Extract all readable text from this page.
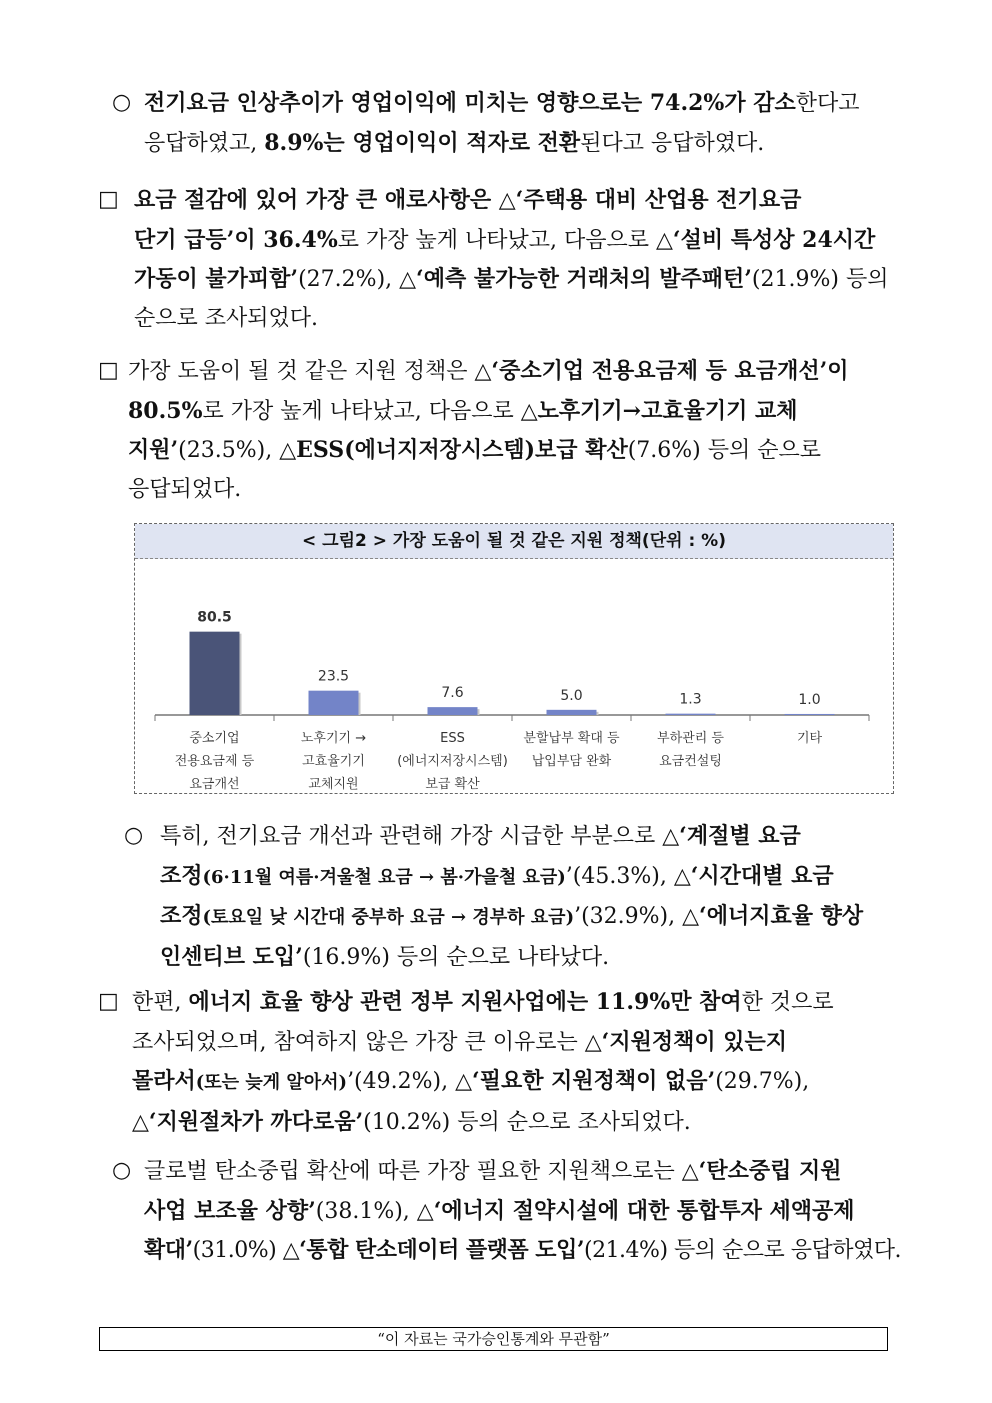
○ 전기요금 인상추이가 영업이익에 미치는 영향으로는 74.2%가 감소한다고
응답하였고, 8.9%는 영업이익이 적자로 전환된다고 응답하였다.
□ 요금 절감에 있어 가장 큰 애로사항은 △‘주택용 대비 산업용 전기요금
단기 급등’이 36.4%로 가장 높게 나타났고, 다음으로 △‘설비 특성상 24시간
가동이 불가피함’(27.2%), △‘예측 불가능한 거래처의 발주패턴’(21.9%) 등의
순으로 조사되었다.
□ 가장 도움이 될 것 같은 지원 정책은 △‘중소기업 전용요금제 등 요금개선’이
80.5%로 가장 높게 나타났고, 다음으로 △노후기기→고효율기기 교체
지원’(23.5%), △ESS(에너지저장시스템)보급 확산(7.6%) 등의 순으로
응답되었다.
< 그림2 > 가장 도움이 될 것 같은 지원 정책(단위 : %)
80.5
중소기업
전용요금제 등
요금개선
23.5
노후기기 →
고효율기기
교체지원
7.6
ESS
(에너지저장시스템)
보급 확산
5.0
분할납부 확대 등
납입부담 완화
1.3
부하관리 등
요금컨설팅
1.0
기타
○ 특히, 전기요금 개선과 관련해 가장 시급한 부분으로 △‘계절별 요금
조정(6·11월 여름·겨울철 요금 → 봄·가을철 요금)’(45.3%), △‘시간대별 요금
조정(토요일 낮 시간대 중부하 요금 → 경부하 요금)’(32.9%), △‘에너지효율 향상
인센티브 도입’(16.9%) 등의 순으로 나타났다.
□ 한편, 에너지 효율 향상 관련 정부 지원사업에는 11.9%만 참여한 것으로
조사되었으며, 참여하지 않은 가장 큰 이유로는 △‘지원정책이 있는지
몰라서(또는 늦게 알아서)’(49.2%), △‘필요한 지원정책이 없음’(29.7%),
△‘지원절차가 까다로움’(10.2%) 등의 순으로 조사되었다.
○ 글로벌 탄소중립 확산에 따른 가장 필요한 지원책으로는 △‘탄소중립 지원
사업 보조율 상향’(38.1%), △‘에너지 절약시설에 대한 통합투자 세액공제
확대’(31.0%) △‘통합 탄소데이터 플랫폼 도입’(21.4%) 등의 순으로 응답하였다.
“이 자료는 국가승인통계와 무관함”
